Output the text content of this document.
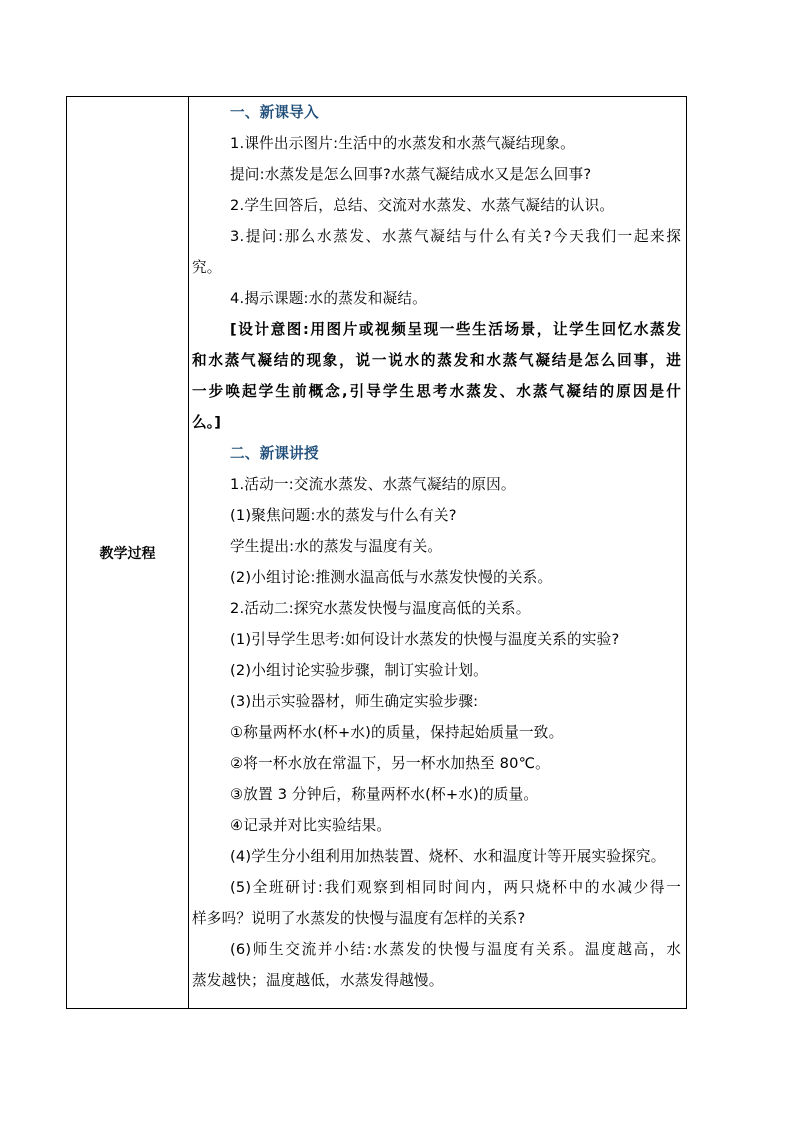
教学过程
一、新课导入
1.课件出示图片:生活中的水蒸发和水蒸气凝结现象。
提问:水蒸发是怎么回事?水蒸气凝结成水又是怎么回事?
2.学生回答后，总结、交流对水蒸发、水蒸气凝结的认识。
3.提问:那么水蒸发、水蒸气凝结与什么有关?今天我们一起来探
究。
4.揭示课题:水的蒸发和凝结。
[设计意图:用图片或视频呈现一些生活场景，让学生回忆水蒸发
和水蒸气凝结的现象，说一说水的蒸发和水蒸气凝结是怎么回事，进
一步唤起学生前概念,引导学生思考水蒸发、水蒸气凝结的原因是什
么。]
二、新课讲授
1.活动一:交流水蒸发、水蒸气凝结的原因。
(1)聚焦问题:水的蒸发与什么有关?
学生提出:水的蒸发与温度有关。
(2)小组讨论:推测水温高低与水蒸发快慢的关系。
2.活动二:探究水蒸发快慢与温度高低的关系。
(1)引导学生思考:如何设计水蒸发的快慢与温度关系的实验?
(2)小组讨论实验步骤，制订实验计划。
(3)出示实验器材，师生确定实验步骤:
①称量两杯水(杯+水)的质量，保持起始质量一致。
②将一杯水放在常温下，另一杯水加热至 80℃。
③放置 3 分钟后，称量两杯水(杯+水)的质量。
④记录并对比实验结果。
(4)学生分小组利用加热装置、烧杯、水和温度计等开展实验探究。
(5)全班研讨:我们观察到相同时间内，两只烧杯中的水减少得一
样多吗？说明了水蒸发的快慢与温度有怎样的关系?
(6)师生交流并小结:水蒸发的快慢与温度有关系。温度越高，水
蒸发越快；温度越低，水蒸发得越慢。
